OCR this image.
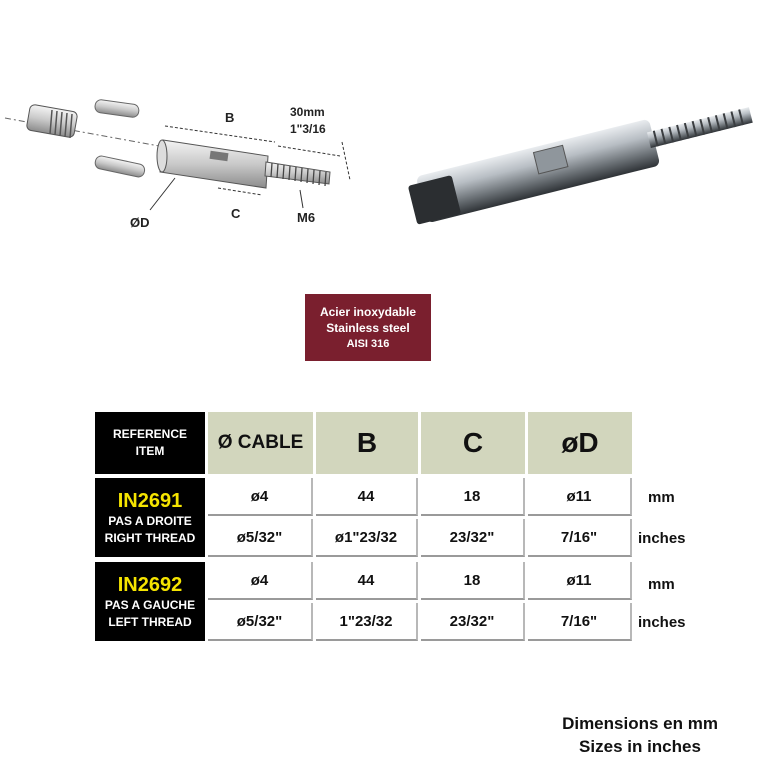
B
C
ØD	M6
30mm
1"3/16
Acier inoxydable
Stainless steel
AISI 316
REFERENCE
ITEM	Ø CABLE	B	C	øD
IN2691
PAS A DROITE
RIGHT THREAD
ø4	44	18	ø11	mm
ø5/32"	ø1"23/32	23/32"	7/16"	inches
IN2692
PAS A GAUCHE
LEFT THREAD
ø4	44	18	ø11	mm
ø5/32"	1"23/32	23/32"	7/16"	inches
Dimensions en mm
Sizes in inches
